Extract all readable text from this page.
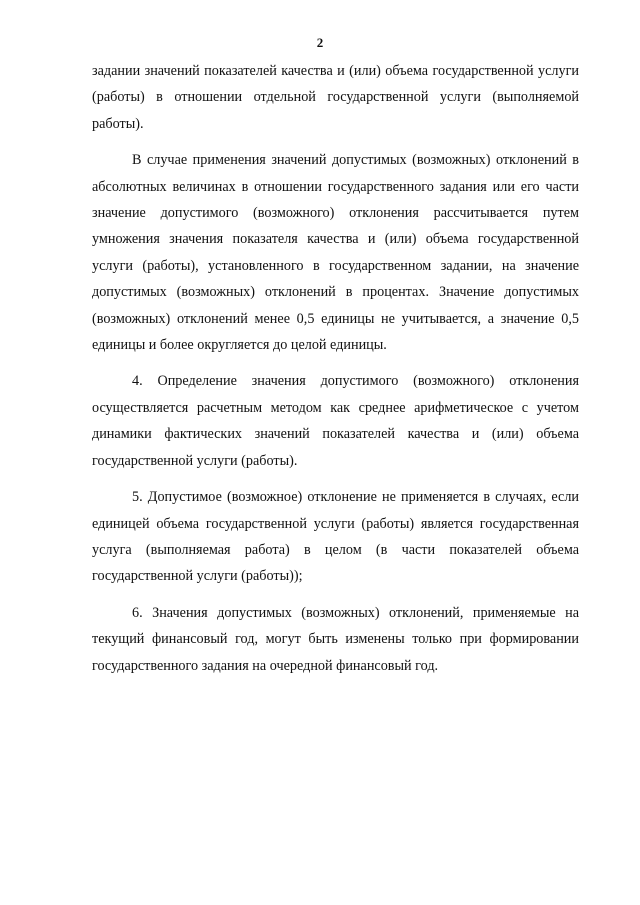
2

задании значений показателей качества и (или) объема государственной услуги (работы) в отношении отдельной государственной услуги (выполняемой работы).

В случае применения значений допустимых (возможных) отклонений в абсолютных величинах в отношении государственного задания или его части значение допустимого (возможного) отклонения рассчитывается путем умножения значения показателя качества и (или) объема государственной услуги (работы), установленного в государственном задании, на значение допустимых (возможных) отклонений в процентах. Значение допустимых (возможных) отклонений менее 0,5 единицы не учитывается, а значение 0,5 единицы и более округляется до целой единицы.

4. Определение значения допустимого (возможного) отклонения осуществляется расчетным методом как среднее арифметическое с учетом динамики фактических значений показателей качества и (или) объема государственной услуги (работы).

5. Допустимое (возможное) отклонение не применяется в случаях, если единицей объема государственной услуги (работы) является государственная услуга (выполняемая работа) в целом (в части показателей объема государственной услуги (работы));

6. Значения допустимых (возможных) отклонений, применяемые на текущий финансовый год, могут быть изменены только при формировании государственного задания на очередной финансовый год.
